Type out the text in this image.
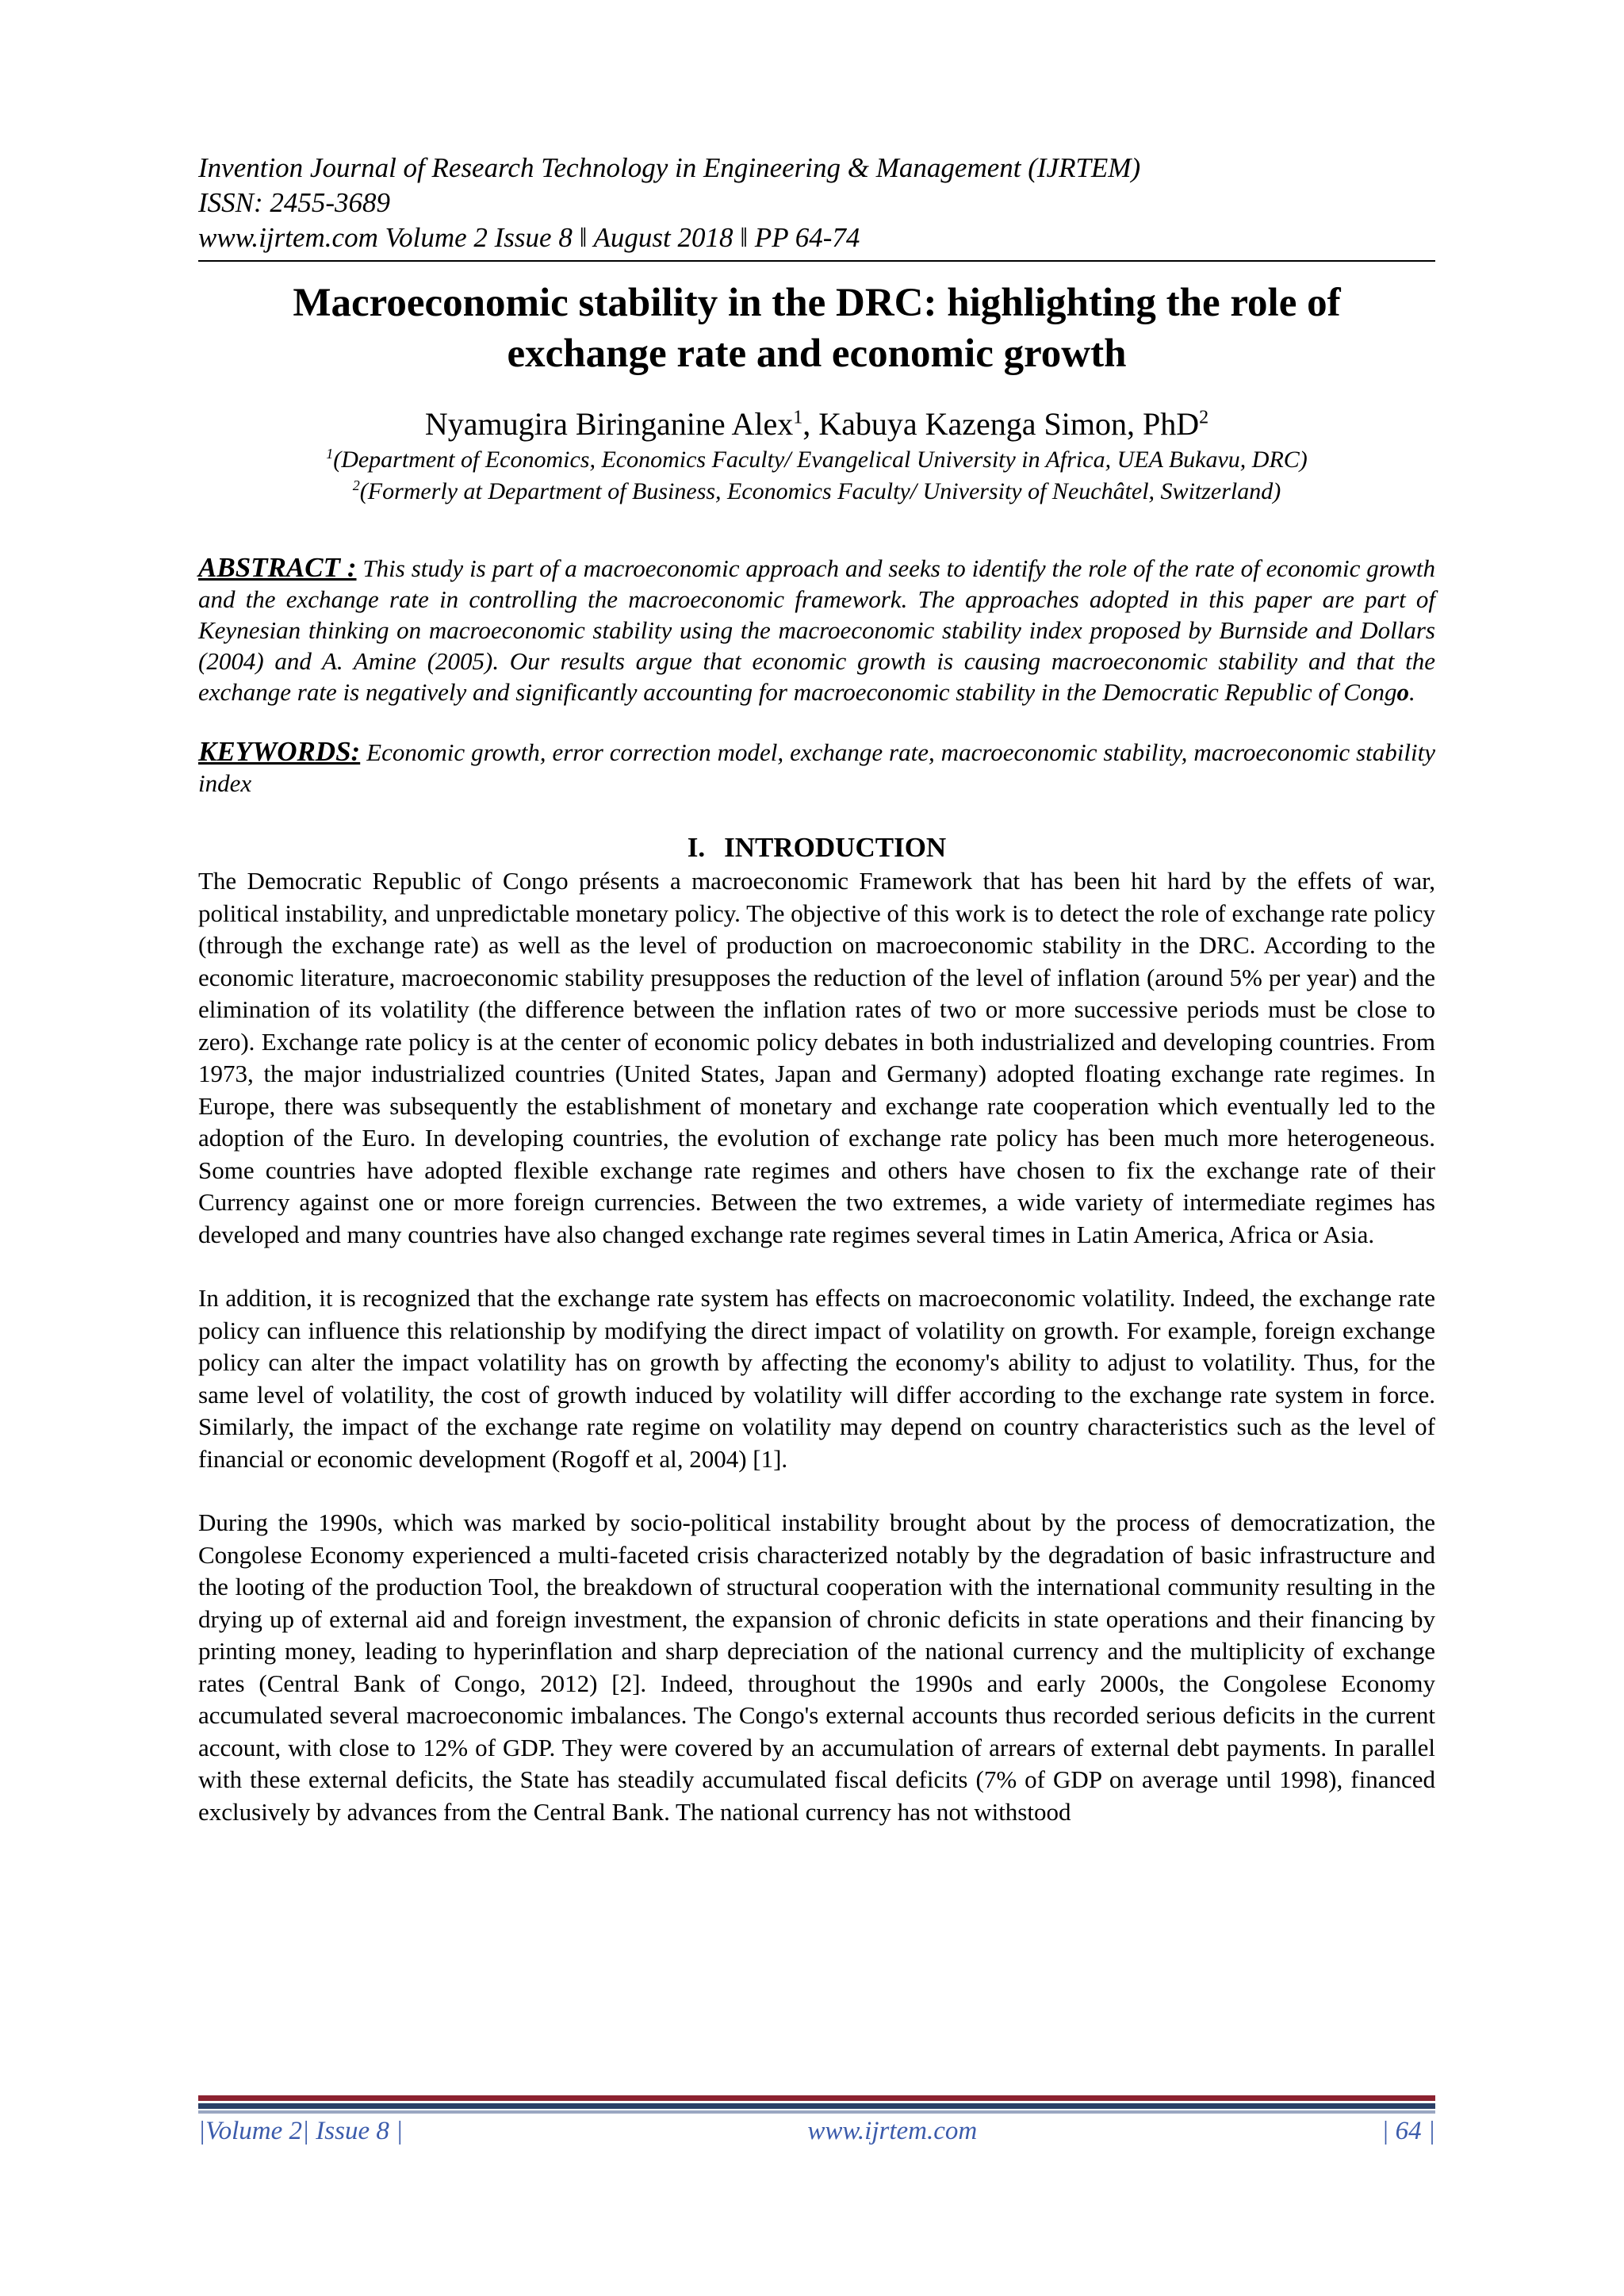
Invention Journal of Research Technology in Engineering & Management (IJRTEM)
ISSN: 2455-3689
www.ijrtem.com Volume 2 Issue 8 ǁ August 2018 ǁ PP 64-74
Macroeconomic stability in the DRC: highlighting the role of
exchange rate and economic growth
Nyamugira Biringanine Alex$^1$, Kabuya Kazenga Simon, PhD$^2$
$^1$(Department of Economics, Economics Faculty/ Evangelical University in Africa, UEA Bukavu, DRC)
$^2$(Formerly at Department of Business, Economics Faculty/ University of Neuchâtel, Switzerland)
ABSTRACT : This study is part of a macroeconomic approach and seeks to identify the role of the rate of economic growth and the exchange rate in controlling the macroeconomic framework. The approaches adopted in this paper are part of Keynesian thinking on macroeconomic stability using the macroeconomic stability index proposed by Burnside and Dollars (2004) and A. Amine (2005). Our results argue that economic growth is causing macroeconomic stability and that the exchange rate is negatively and significantly accounting for macroeconomic stability in the Democratic Republic of Congo.
KEYWORDS: Economic growth, error correction model, exchange rate, macroeconomic stability, macroeconomic stability index
I. INTRODUCTION

The Democratic Republic of Congo présents a macroeconomic Framework that has been hit hard by the effets of war, political instability, and unpredictable monetary policy. The objective of this work is to detect the role of exchange rate policy (through the exchange rate) as well as the level of production on macroeconomic stability in the DRC. According to the economic literature, macroeconomic stability presupposes the reduction of the level of inflation (around 5% per year) and the elimination of its volatility (the difference between the inflation rates of two or more successive periods must be close to zero). Exchange rate policy is at the center of economic policy debates in both industrialized and developing countries. From 1973, the major industrialized countries (United States, Japan and Germany) adopted floating exchange rate regimes. In Europe, there was subsequently the establishment of monetary and exchange rate cooperation which eventually led to the adoption of the Euro. In developing countries, the evolution of exchange rate policy has been much more heterogeneous. Some countries have adopted flexible exchange rate regimes and others have chosen to fix the exchange rate of their Currency against one or more foreign currencies. Between the two extremes, a wide variety of intermediate regimes has developed and many countries have also changed exchange rate regimes several times in Latin America, Africa or Asia.

In addition, it is recognized that the exchange rate system has effects on macroeconomic volatility. Indeed, the exchange rate policy can influence this relationship by modifying the direct impact of volatility on growth. For example, foreign exchange policy can alter the impact volatility has on growth by affecting the economy's ability to adjust to volatility. Thus, for the same level of volatility, the cost of growth induced by volatility will differ according to the exchange rate system in force. Similarly, the impact of the exchange rate regime on volatility may depend on country characteristics such as the level of financial or economic development (Rogoff et al, 2004) [1].

During the 1990s, which was marked by socio-political instability brought about by the process of democratization, the Congolese Economy experienced a multi-faceted crisis characterized notably by the degradation of basic infrastructure and the looting of the production Tool, the breakdown of structural cooperation with the international community resulting in the drying up of external aid and foreign investment, the expansion of chronic deficits in state operations and their financing by printing money, leading to hyperinflation and sharp depreciation of the national currency and the multiplicity of exchange rates (Central Bank of Congo, 2012) [2]. Indeed, throughout the 1990s and early 2000s, the Congolese Economy accumulated several macroeconomic imbalances. The Congo's external accounts thus recorded serious deficits in the current account, with close to 12% of GDP. They were covered by an accumulation of arrears of external debt payments. In parallel with these external deficits, the State has steadily accumulated fiscal deficits (7% of GDP on average until 1998), financed exclusively by advances from the Central Bank. The national currency has not withstood

|Volume 2| Issue 8 |	www.ijrtem.com	| 64 |
